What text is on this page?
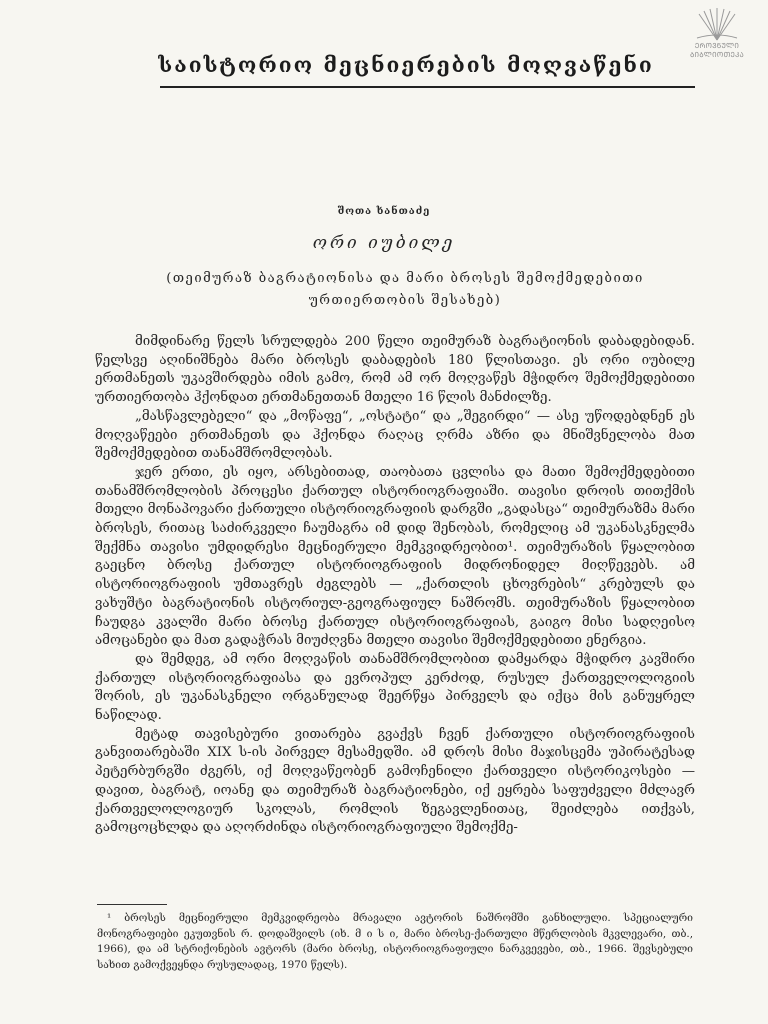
ᲔᲠᲝᲕᲜᲣᲚᲘ
ᲑᲘᲑᲚᲘᲝᲗᲔᲙᲐ
საისტორიო მეცნიერების მოღვაწენი
შოთა ხანთაძე
ორი იუბილე
(თეიმურაზ ბაგრატიონისა და მარი ბროსეს შემოქმედებითი ურთიერთობის შესახებ)

მიმდინარე წელს სრულდება 200 წელი თეიმურაზ ბაგრატიონის დაბადებიდან. წელსვე აღინიშნება მარი ბროსეს დაბადების 180 წლისთავი. ეს ორი იუბილე ერთმანეთს უკავშირდება იმის გამო, რომ ამ ორ მოღვაწეს მჭიდრო შემოქმედებითი ურთიერთობა ჰქონდათ ერთმანეთთან მთელი 16 წლის მანძილზე.

„მასწავლებელი“ და „მოწაფე“, „ოსტატი“ და „შეგირდი“ — ასე უწოდებდნენ ეს მოღვაწეები ერთმანეთს და ჰქონდა რაღაც ღრმა აზრი და მნიშვნელობა მათ შემოქმედებით თანამშრომლობას.

ჯერ ერთი, ეს იყო, არსებითად, თაობათა ცვლისა და მათი შემოქმედებითი თანამშრომლობის პროცესი ქართულ ისტორიოგრაფიაში. თავისი დროის თითქმის მთელი მონაპოვარი ქართული ისტორიოგრაფიის დარგში „გადასცა“ თეიმურაზმა მარი ბროსეს, რითაც საძირკველი ჩაუმაგრა იმ დიდ შენობას, რომელიც ამ უკანასკნელმა შექმნა თავისი უმდიდრესი მეცნიერული მემკვიდრეობით¹. თეიმურაზის წყალობით გაეცნო ბროსე ქართულ ისტორიოგრაფიის მიდრონიდელ მიღწევებს. ამ ისტორიოგრაფიის უმთავრეს ძეგლებს — „ქართლის ცხოვრების“ კრებულს და ვახუშტი ბაგრატიონის ისტორიულ-გეოგრაფიულ ნაშრომს. თეიმურაზის წყალობით ჩაუდგა კვალში მარი ბროსე ქართულ ისტორიოგრაფიას, გაიგო მისი სადღეისო ამოცანები და მათ გადაჭრას მიუძღვნა მთელი თავისი შემოქმედებითი ენერგია.

და შემდეგ, ამ ორი მოღვაწის თანამშრომლობით დამყარდა მჭიდრო კავშირი ქართულ ისტორიოგრაფიასა და ევროპულ კერძოდ, რუსულ ქართველოლოგიის შორის, ეს უკანასკნელი ორგანულად შეერწყა პირველს და იქცა მის განუყრელ ნაწილად.

მეტად თავისებური ვითარება გვაქვს ჩვენ ქართული ისტორიოგრაფიის განვითარებაში XIX ს-ის პირველ მესამედში. ამ დროს მისი მაჯისცემა უპირატესად პეტერბურგში ძგერს, იქ მოღვაწეობენ გამოჩენილი ქართველი ისტორიკოსები — დავით, ბაგრატ, იოანე და თეიმურაზ ბაგრატიონები, იქ ეყრება საფუძველი მძლავრ ქართველოლოგიურ სკოლას, რომლის ზეგავლენითაც, შეიძლება ითქვას, გამოცოცხლდა და აღორძინდა ისტორიოგრაფიული შემოქმე-

¹ ბროსეს მეცნიერული მემკვიდრეობა მრავალი ავტორის ნაშრომში განხილული. სპეციალური მონოგრაფიები ეკუთვნის რ. დოდაშვილს (იხ. მ ი ს ი, მარი ბროსე-ქართული მწერლობის მკვლევარი, თბ., 1966), და ამ სტრიქონების ავტორს (მარი ბროსე, ისტორიოგრაფიული ნარკვევები, თბ., 1966. შევსებული სახით გამოქვეყნდა რუსულადაც, 1970 წელს).
